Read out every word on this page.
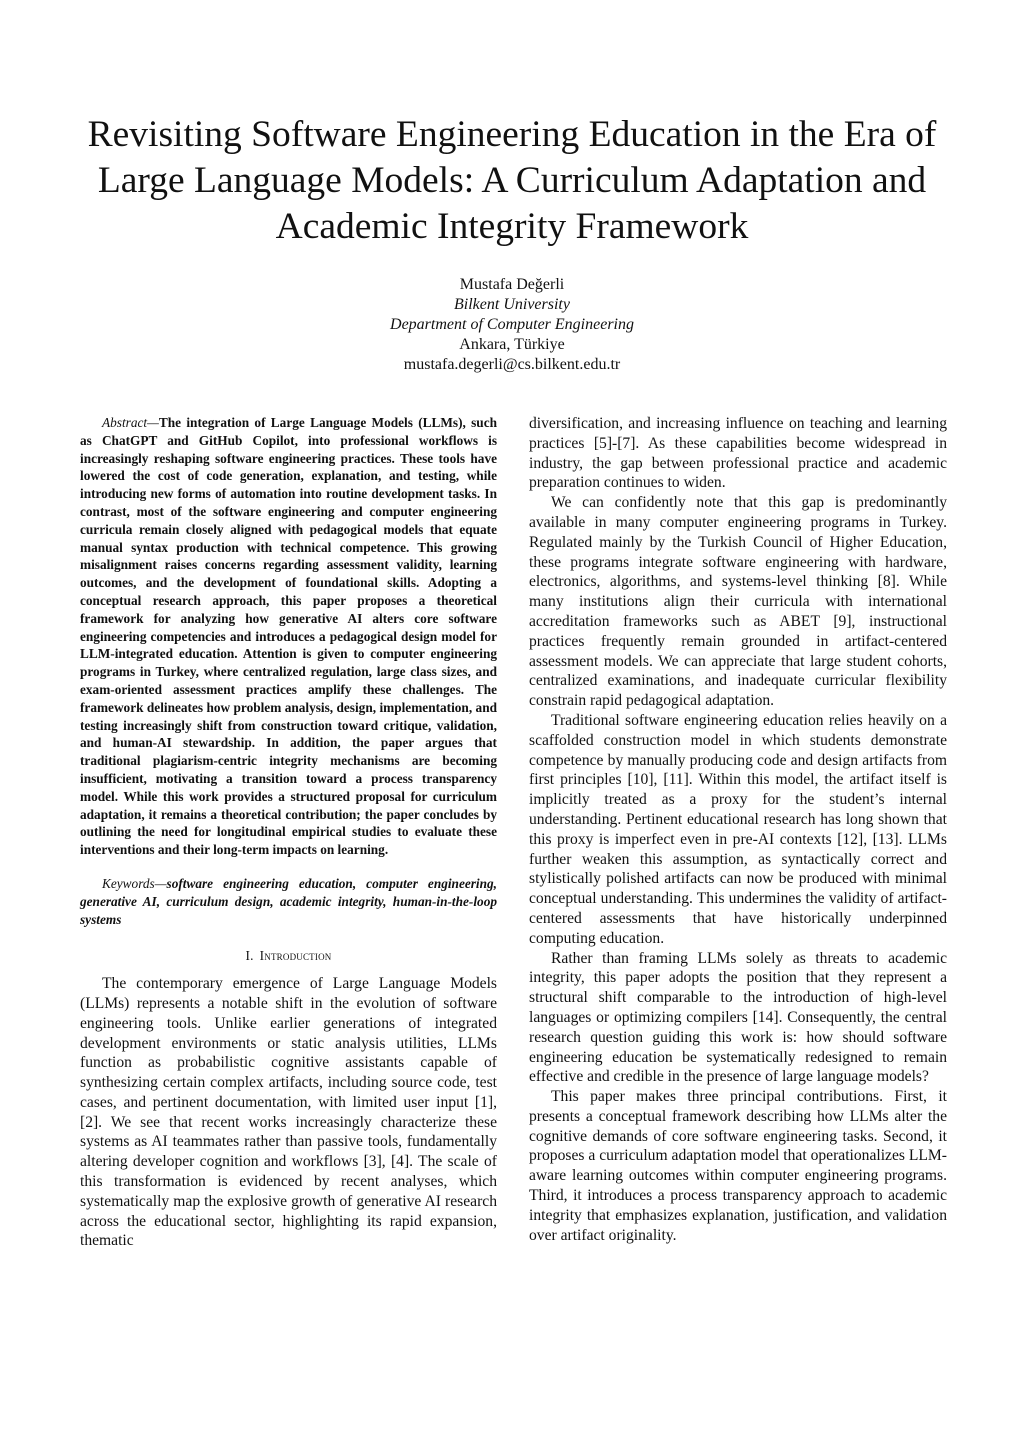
Revisiting Software Engineering Education in the Era of Large Language Models: A Curriculum Adaptation and Academic Integrity Framework
Mustafa Değerli
Bilkent University
Department of Computer Engineering
Ankara, Türkiye
mustafa.degerli@cs.bilkent.edu.tr

Abstract—The integration of Large Language Models (LLMs), such as ChatGPT and GitHub Copilot, into professional workflows is increasingly reshaping software engineering practices. These tools have lowered the cost of code generation, explanation, and testing, while introducing new forms of automation into routine development tasks. In contrast, most of the software engineering and computer engineering curricula remain closely aligned with pedagogical models that equate manual syntax production with technical competence. This growing misalignment raises concerns regarding assessment validity, learning outcomes, and the development of foundational skills. Adopting a conceptual research approach, this paper proposes a theoretical framework for analyzing how generative AI alters core software engineering competencies and introduces a pedagogical design model for LLM-integrated education. Attention is given to computer engineering programs in Turkey, where centralized regulation, large class sizes, and exam-oriented assessment practices amplify these challenges. The framework delineates how problem analysis, design, implementation, and testing increasingly shift from construction toward critique, validation, and human-AI stewardship. In addition, the paper argues that traditional plagiarism-centric integrity mechanisms are becoming insufficient, motivating a transition toward a process transparency model. While this work provides a structured proposal for curriculum adaptation, it remains a theoretical contribution; the paper concludes by outlining the need for longitudinal empirical studies to evaluate these interventions and their long-term impacts on learning.

Keywords—software engineering education, computer engineering, generative AI, curriculum design, academic integrity, human-in-the-loop systems

I. Introduction

The contemporary emergence of Large Language Models (LLMs) represents a notable shift in the evolution of software engineering tools. Unlike earlier generations of integrated development environments or static analysis utilities, LLMs function as probabilistic cognitive assistants capable of synthesizing certain complex artifacts, including source code, test cases, and pertinent documentation, with limited user input [1], [2]. We see that recent works increasingly characterize these systems as AI teammates rather than passive tools, fundamentally altering developer cognition and workflows [3], [4]. The scale of this transformation is evidenced by recent analyses, which systematically map the explosive growth of generative AI research across the educational sector, highlighting its rapid expansion, thematic

diversification, and increasing influence on teaching and learning practices [5]-[7]. As these capabilities become widespread in industry, the gap between professional practice and academic preparation continues to widen.

We can confidently note that this gap is predominantly available in many computer engineering programs in Turkey. Regulated mainly by the Turkish Council of Higher Education, these programs integrate software engineering with hardware, electronics, algorithms, and systems-level thinking [8]. While many institutions align their curricula with international accreditation frameworks such as ABET [9], instructional practices frequently remain grounded in artifact-centered assessment models. We can appreciate that large student cohorts, centralized examinations, and inadequate curricular flexibility constrain rapid pedagogical adaptation.

Traditional software engineering education relies heavily on a scaffolded construction model in which students demonstrate competence by manually producing code and design artifacts from first principles [10], [11]. Within this model, the artifact itself is implicitly treated as a proxy for the student’s internal understanding. Pertinent educational research has long shown that this proxy is imperfect even in pre-AI contexts [12], [13]. LLMs further weaken this assumption, as syntactically correct and stylistically polished artifacts can now be produced with minimal conceptual understanding. This undermines the validity of artifact-centered assessments that have historically underpinned computing education.

Rather than framing LLMs solely as threats to academic integrity, this paper adopts the position that they represent a structural shift comparable to the introduction of high-level languages or optimizing compilers [14]. Consequently, the central research question guiding this work is: how should software engineering education be systematically redesigned to remain effective and credible in the presence of large language models?

This paper makes three principal contributions. First, it presents a conceptual framework describing how LLMs alter the cognitive demands of core software engineering tasks. Second, it proposes a curriculum adaptation model that operationalizes LLM-aware learning outcomes within computer engineering programs. Third, it introduces a process transparency approach to academic integrity that emphasizes explanation, justification, and validation over artifact originality.
